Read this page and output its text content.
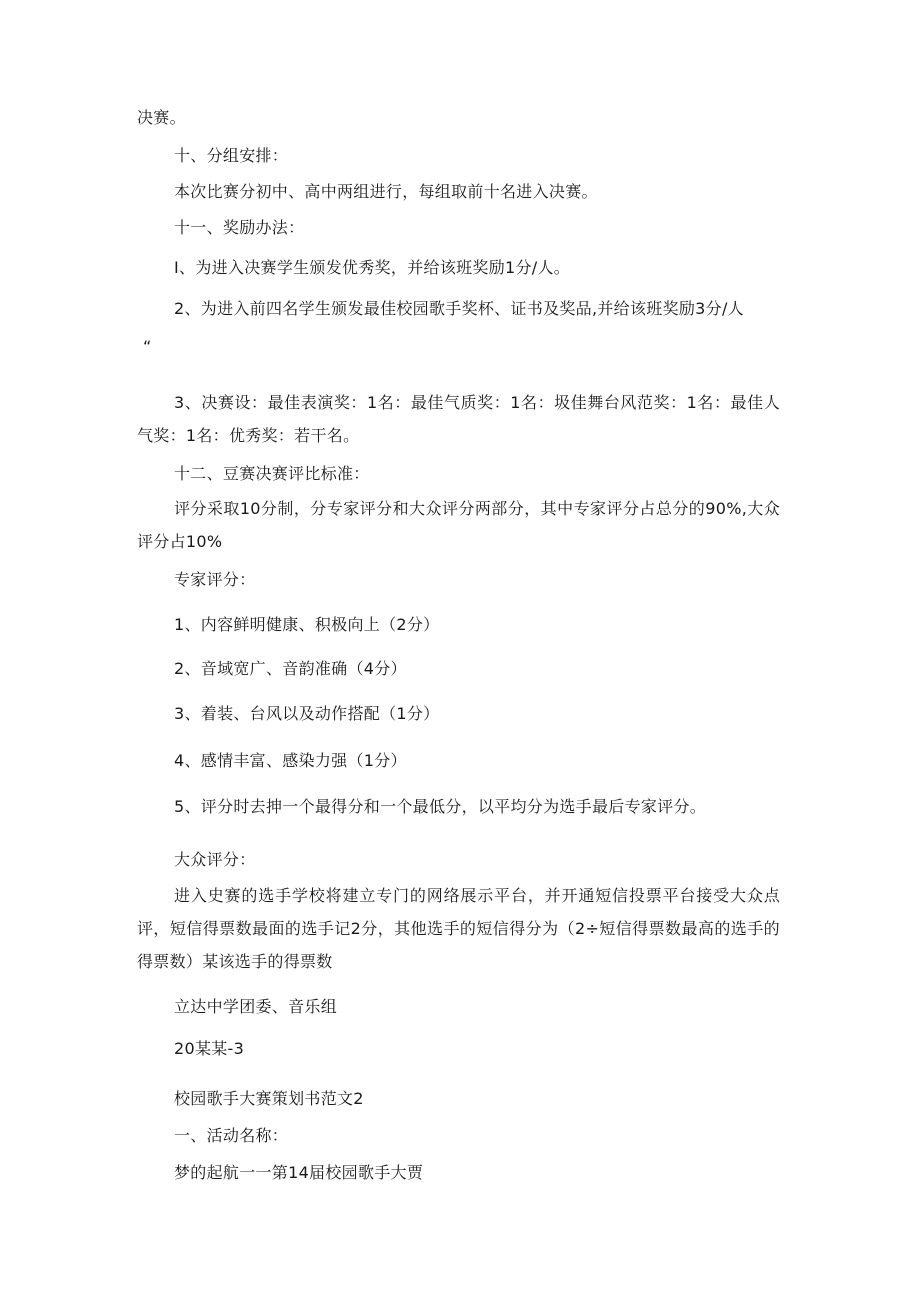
决赛。
十、分组安排：
本次比赛分初中、高中两组进行，每组取前十名进入决赛。
十一、奖励办法：
I、为进入决赛学生颁发优秀奖，并给该班奖励1分/人。
2、为进入前四名学生颁发最佳校园歌手奖杯、证书及奖品,并给该班奖励3分/人
“
3、决赛设：最佳表演奖：1名：最佳气质奖：1名：圾佳舞台风范奖：1名：最佳人气奖：1名：优秀奖：若干名。
十二、豆赛决赛评比标准：
评分采取10分制，分专家评分和大众评分两部分，其中专家评分占总分的90%,大众评分占10%
专家评分：
1、内容鲜明健康、积极向上（2分）
2、音域宽广、音韵准确（4分）
3、着装、台风以及动作搭配（1分）
4、感情丰富、感染力强（1分）
5、评分时去抻一个最得分和一个最低分，以平均分为选手最后专家评分。
大众评分：
进入史赛的选手学校将建立专门的网络展示平台，并开通短信投票平台接受大众点评，短信得票数最面的选手记2分，其他选手的短信得分为（2÷短信得票数最高的选手的得票数）某该选手的得票数
立达中学团委、音乐组
20某某-3
校园歌手大赛策划书范文2
一、活动名称：
梦的起航一一第14届校园歌手大贾
